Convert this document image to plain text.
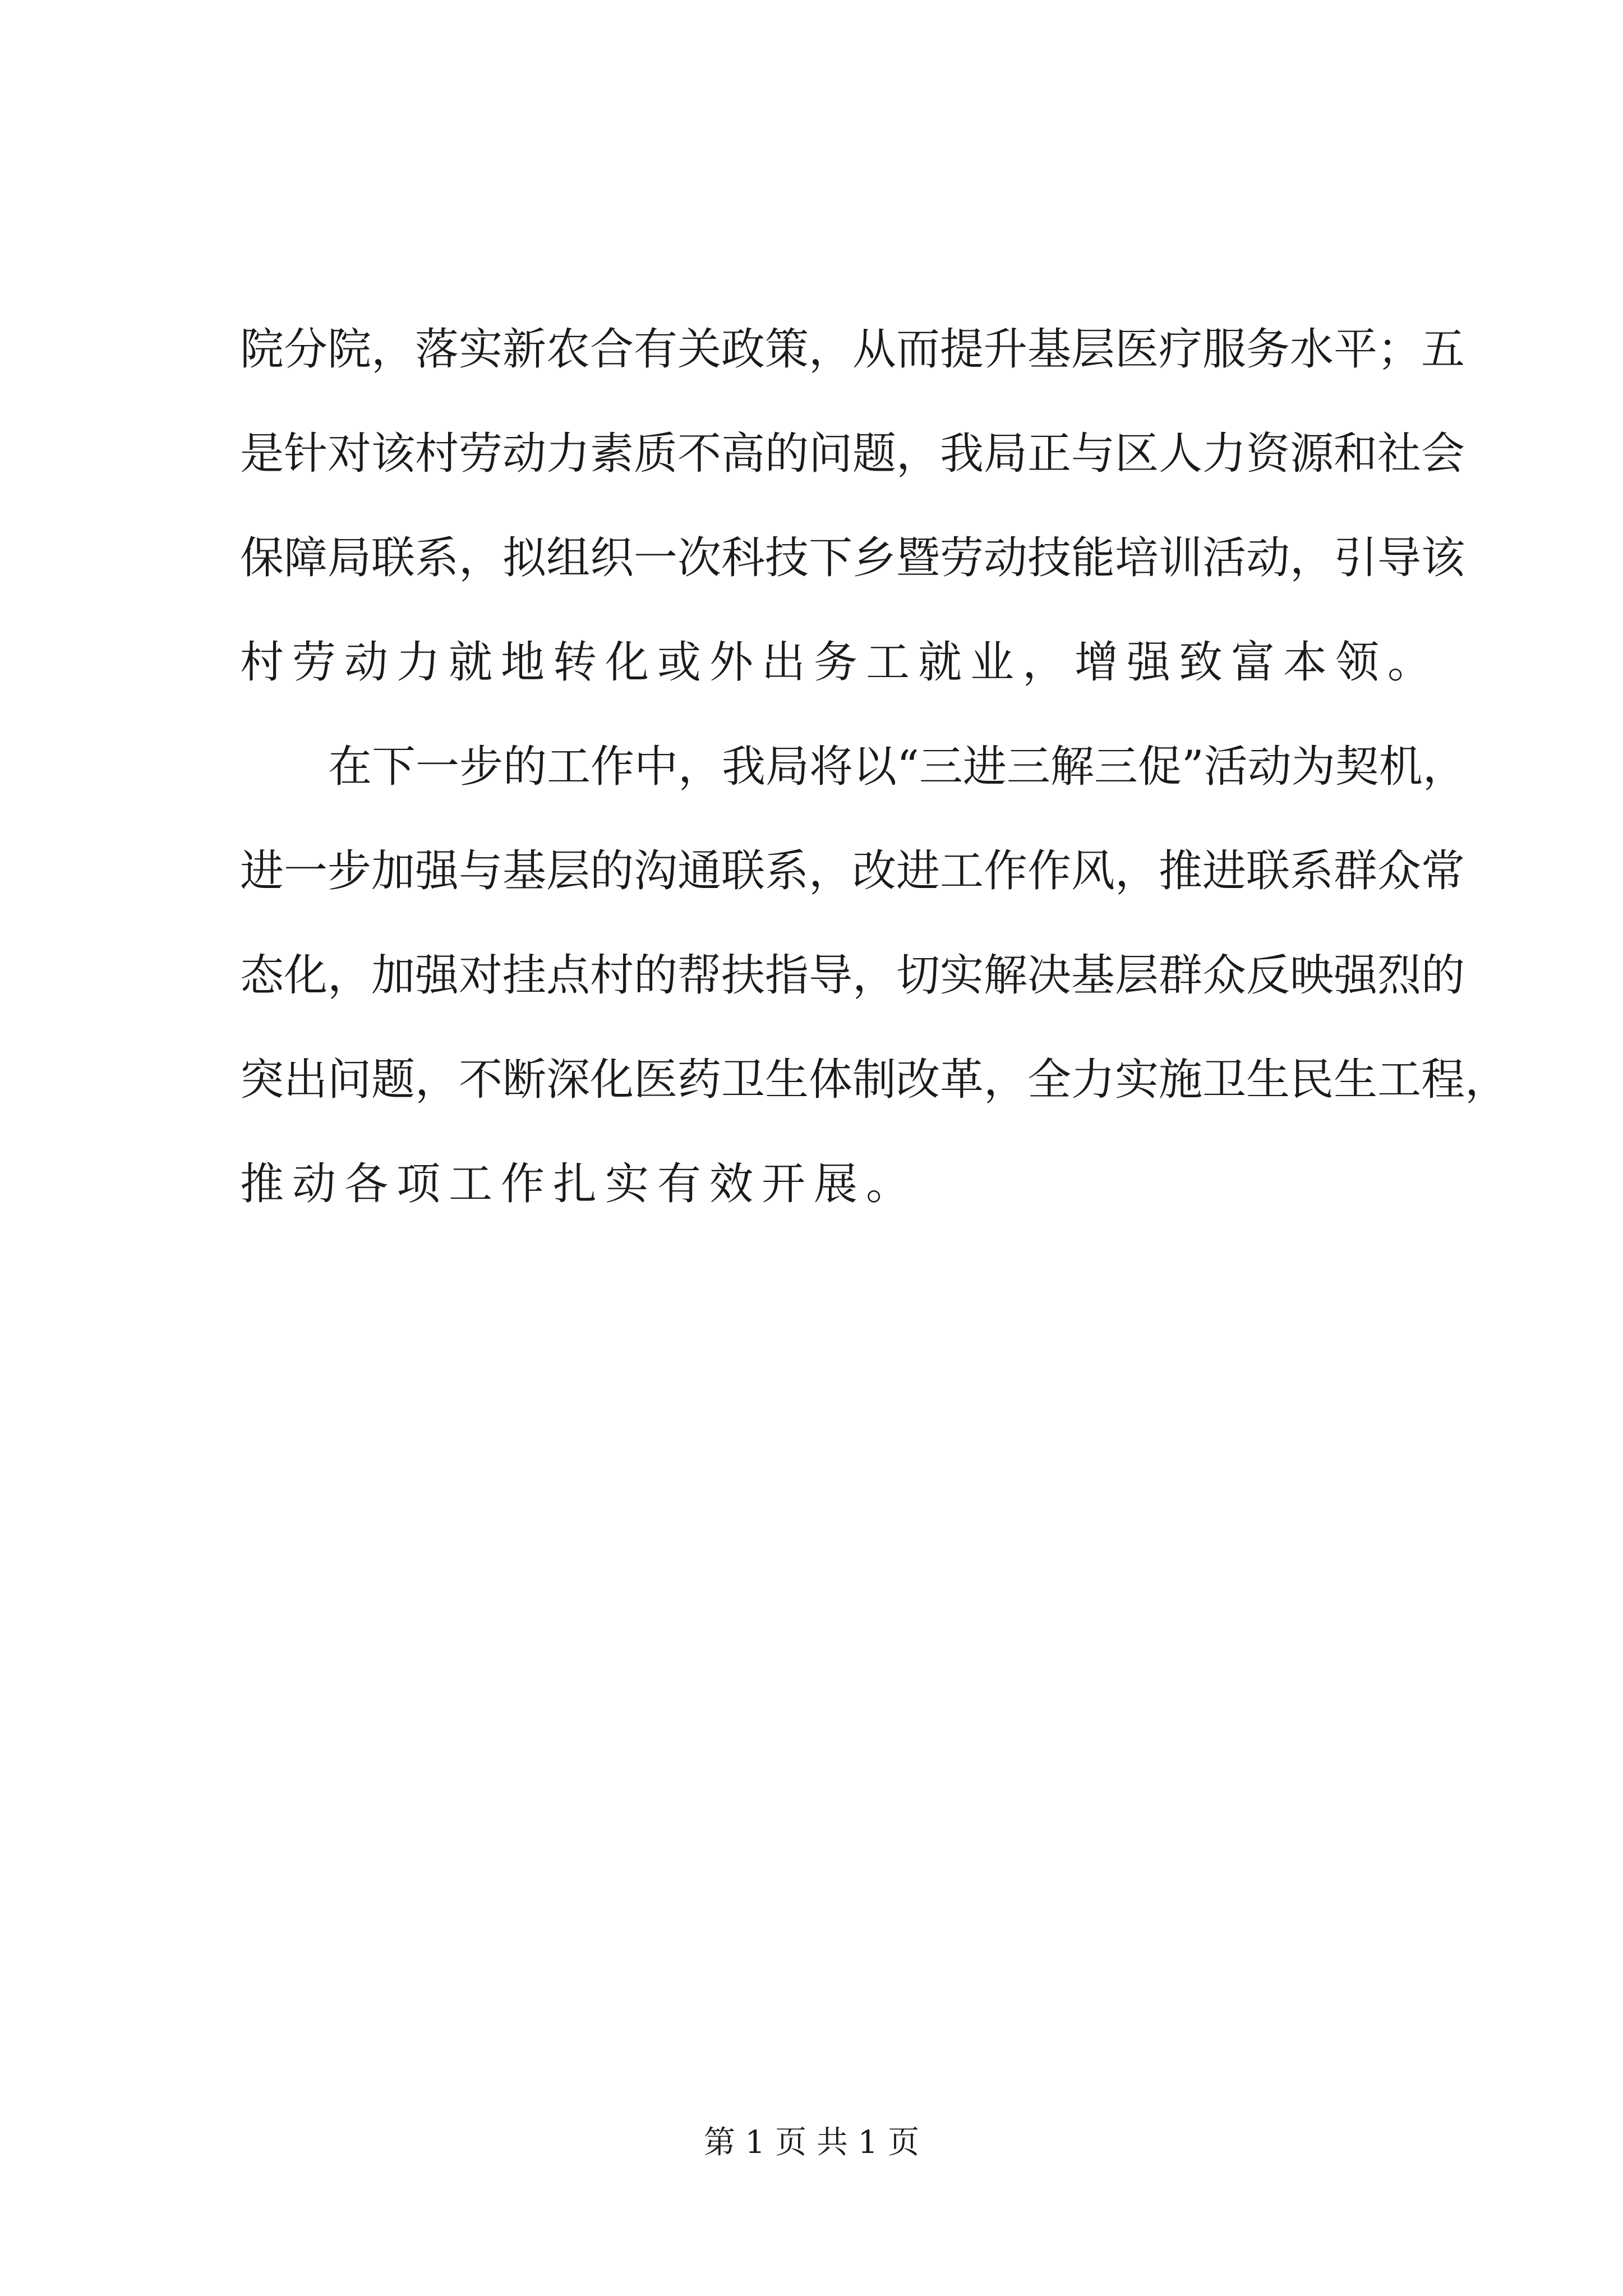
院分院，落实新农合有关政策，从而提升基层医疗服务水平；五
是针对该村劳动力素质不高的问题，我局正与区人力资源和社会
保障局联系，拟组织一次科技下乡暨劳动技能培训活动，引导该
村劳动力就地转化或外出务工就业，增强致富本领。
在下一步的工作中，我局将以“三进三解三促”活动为契机，
进一步加强与基层的沟通联系，改进工作作风，推进联系群众常
态化，加强对挂点村的帮扶指导，切实解决基层群众反映强烈的
突出问题，不断深化医药卫生体制改革，全力实施卫生民生工程，
推动各项工作扎实有效开展。
第 1 页 共 1 页
